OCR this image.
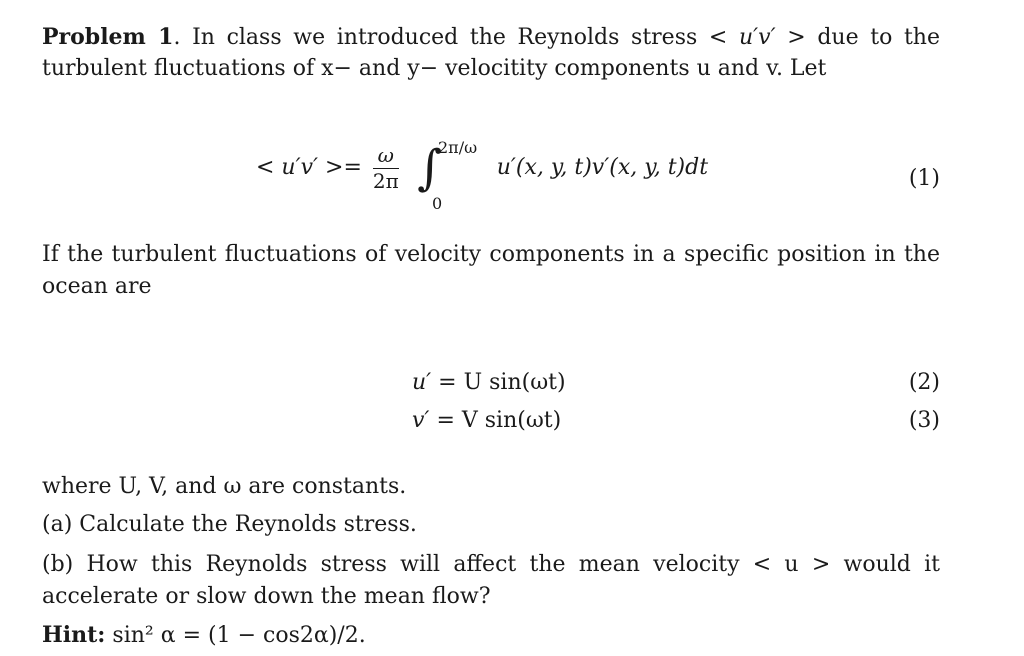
Problem 1. In class we introduced the Reynolds stress < u′v′ > due to the
turbulent fluctuations of x− and y− velocitity components u and v. Let
< $u'v' >= \frac{\omega}{2\pi}$ ∫ u′(x, y, t)v′(x, y, t)dt
2π/ω
0
(1)
If the turbulent fluctuations of velocity components in a specific position in the
ocean are
u′ = U sin(ωt)	(2)
v′ = V sin(ωt)	(3)
where U, V, and ω are constants.
(a) Calculate the Reynolds stress.
(b) How this Reynolds stress will affect the mean velocity < u > would it
accelerate or slow down the mean flow?
Hint: sin² α = (1 − cos2α)/2.
